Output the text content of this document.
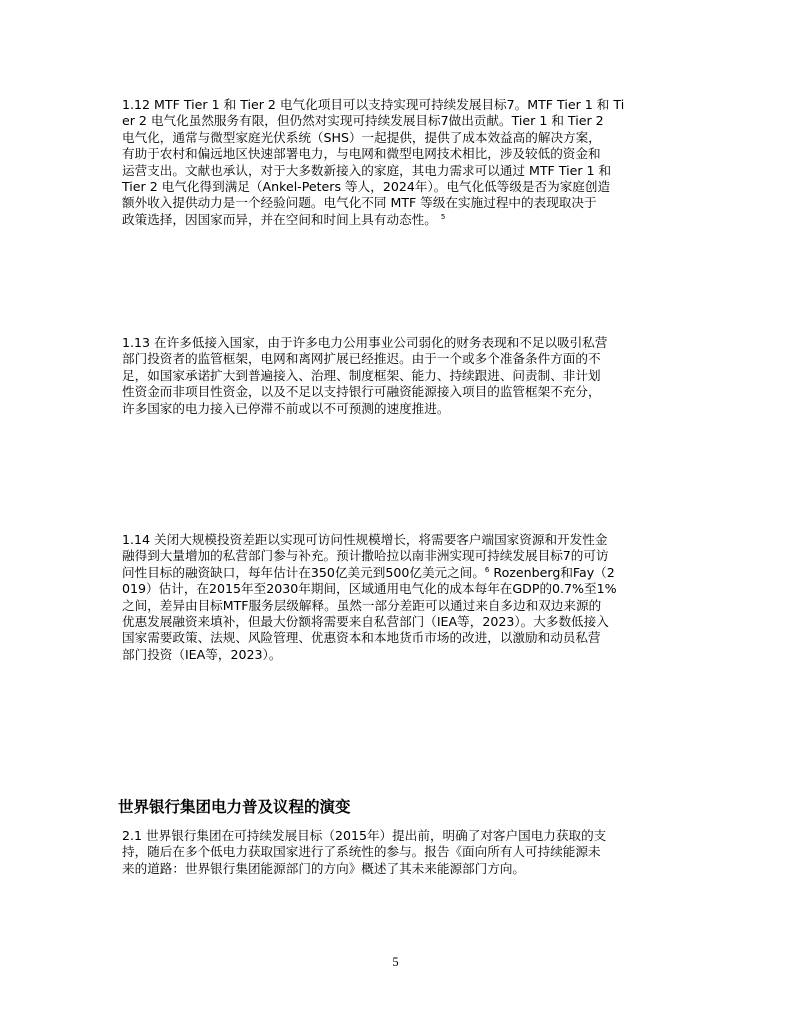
1.12 MTF Tier 1 和 Tier 2 电气化项目可以支持实现可持续发展目标7。MTF Tier 1 和 Ti
er 2 电气化虽然服务有限，但仍然对实现可持续发展目标7做出贡献。Tier 1 和 Tier 2
电气化，通常与微型家庭光伏系统（SHS）一起提供，提供了成本效益高的解决方案，
有助于农村和偏远地区快速部署电力，与电网和微型电网技术相比，涉及较低的资金和
运营支出。文献也承认，对于大多数新接入的家庭，其电力需求可以通过 MTF Tier 1 和
Tier 2 电气化得到满足（Ankel-Peters 等人，2024年）。电气化低等级是否为家庭创造
额外收入提供动力是一个经验问题。电气化不同 MTF 等级在实施过程中的表现取决于
政策选择，因国家而异，并在空间和时间上具有动态性。 $^5$
1.13 在许多低接入国家，由于许多电力公用事业公司弱化的财务表现和不足以吸引私营
部门投资者的监管框架，电网和离网扩展已经推迟。由于一个或多个准备条件方面的不
足，如国家承诺扩大到普遍接入、治理、制度框架、能力、持续跟进、问责制、非计划
性资金而非项目性资金，以及不足以支持银行可融资能源接入项目的监管框架不充分，
许多国家的电力接入已停滞不前或以不可预测的速度推进。
1.14 关闭大规模投资差距以实现可访问性规模增长，将需要客户端国家资源和开发性金
融得到大量增加的私营部门参与补充。预计撒哈拉以南非洲实现可持续发展目标7的可访
问性目标的融资缺口，每年估计在350亿美元到500亿美元之间。$^6$ Rozenberg和Fay（2
019）估计，在2015年至2030年期间，区域通用电气化的成本每年在GDP的0.7%至1%
之间，差异由目标MTF服务层级解释。虽然一部分差距可以通过来自多边和双边来源的
优惠发展融资来填补，但最大份额将需要来自私营部门（IEA等，2023）。大多数低接入
国家需要政策、法规、风险管理、优惠资本和本地货币市场的改进，以激励和动员私营
部门投资（IEA等，2023）。
世界银行集团电力普及议程的演变
2.1 世界银行集团在可持续发展目标（2015年）提出前，明确了对客户国电力获取的支
持，随后在多个低电力获取国家进行了系统性的参与。报告《面向所有人可持续能源未
来的道路：世界银行集团能源部门的方向》概述了其未来能源部门方向。
5
